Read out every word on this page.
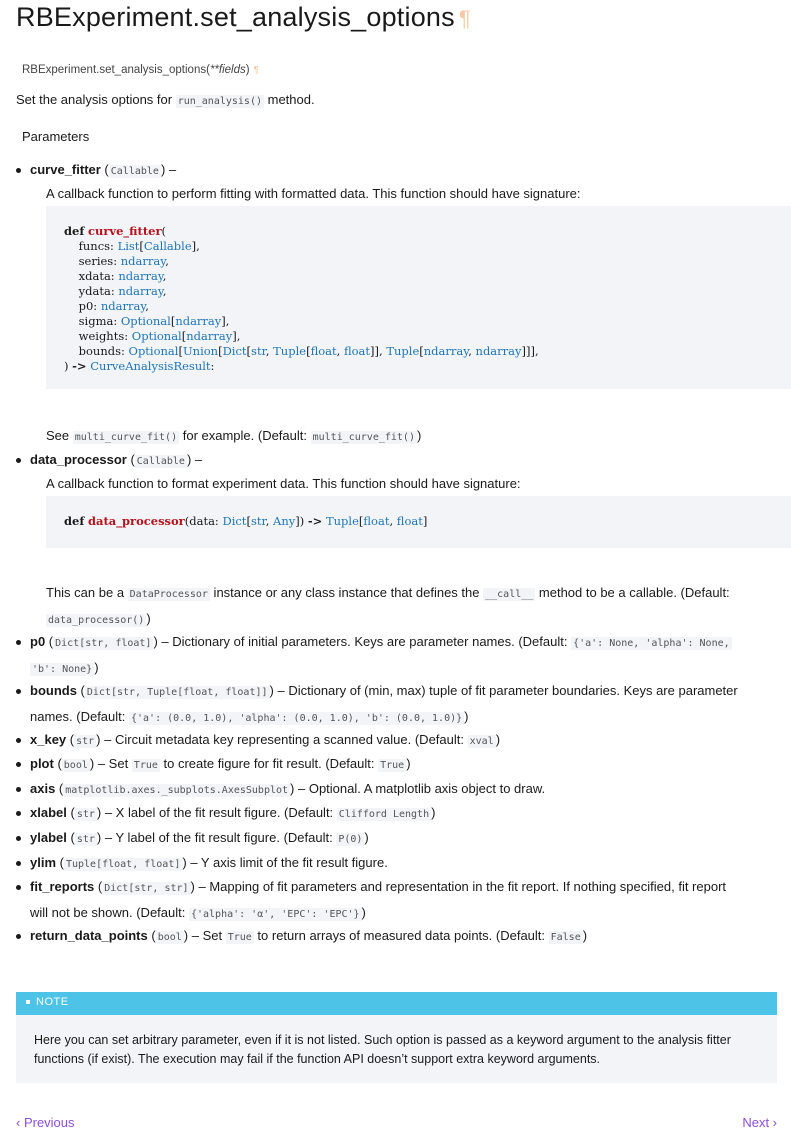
RBExperiment.set_analysis_options ¶
RBExperiment.set_analysis_options(**fields) ¶
Set the analysis options for run_analysis() method.
Parameters
curve_fitter ( Callable ) –
A callback function to perform fitting with formatted data. This function should have signature:
def curve_fitter(
funcs: List[Callable],
series: ndarray,
xdata: ndarray,
ydata: ndarray,
p0: ndarray,
sigma: Optional[ndarray],
weights: Optional[ndarray],
bounds: Optional[Union[Dict[str, Tuple[float, float]], Tuple[ndarray, ndarray]]],
) -> CurveAnalysisResult:
See multi_curve_fit() for example. (Default: multi_curve_fit() )
data_processor ( Callable ) –
A callback function to format experiment data. This function should have signature:
def data_processor(data: Dict[str, Any]) -> Tuple[float, float]
This can be a DataProcessor instance or any class instance that defines the __call__ method to be a callable. (Default:
data_processor() )
p0 ( Dict[str, float] ) – Dictionary of initial parameters. Keys are parameter names. (Default: {'a': None, 'alpha': None,
'b': None} )
bounds ( Dict[str, Tuple[float, float]] ) – Dictionary of (min, max) tuple of fit parameter boundaries. Keys are parameter
names. (Default: {'a': (0.0, 1.0), 'alpha': (0.0, 1.0), 'b': (0.0, 1.0)} )
x_key ( str ) – Circuit metadata key representing a scanned value. (Default: xval )
plot ( bool ) – Set True to create figure for fit result. (Default: True )
axis ( matplotlib.axes._subplots.AxesSubplot ) – Optional. A matplotlib axis object to draw.
xlabel ( str ) – X label of the fit result figure. (Default: Clifford Length )
ylabel ( str ) – Y label of the fit result figure. (Default: P(0) )
ylim ( Tuple[float, float] ) – Y axis limit of the fit result figure.
fit_reports ( Dict[str, str] ) – Mapping of fit parameters and representation in the fit report. If nothing specified, fit report
will not be shown. (Default: {'alpha': 'α', 'EPC': 'EPC'} )
return_data_points ( bool ) – Set True to return arrays of measured data points. (Default: False )
NOTE
Here you can set arbitrary parameter, even if it is not listed. Such option is passed as a keyword argument to the analysis fitter functions (if exist). The execution may fail if the function API doesn’t support extra keyword arguments.
‹ Previous	Next ›
